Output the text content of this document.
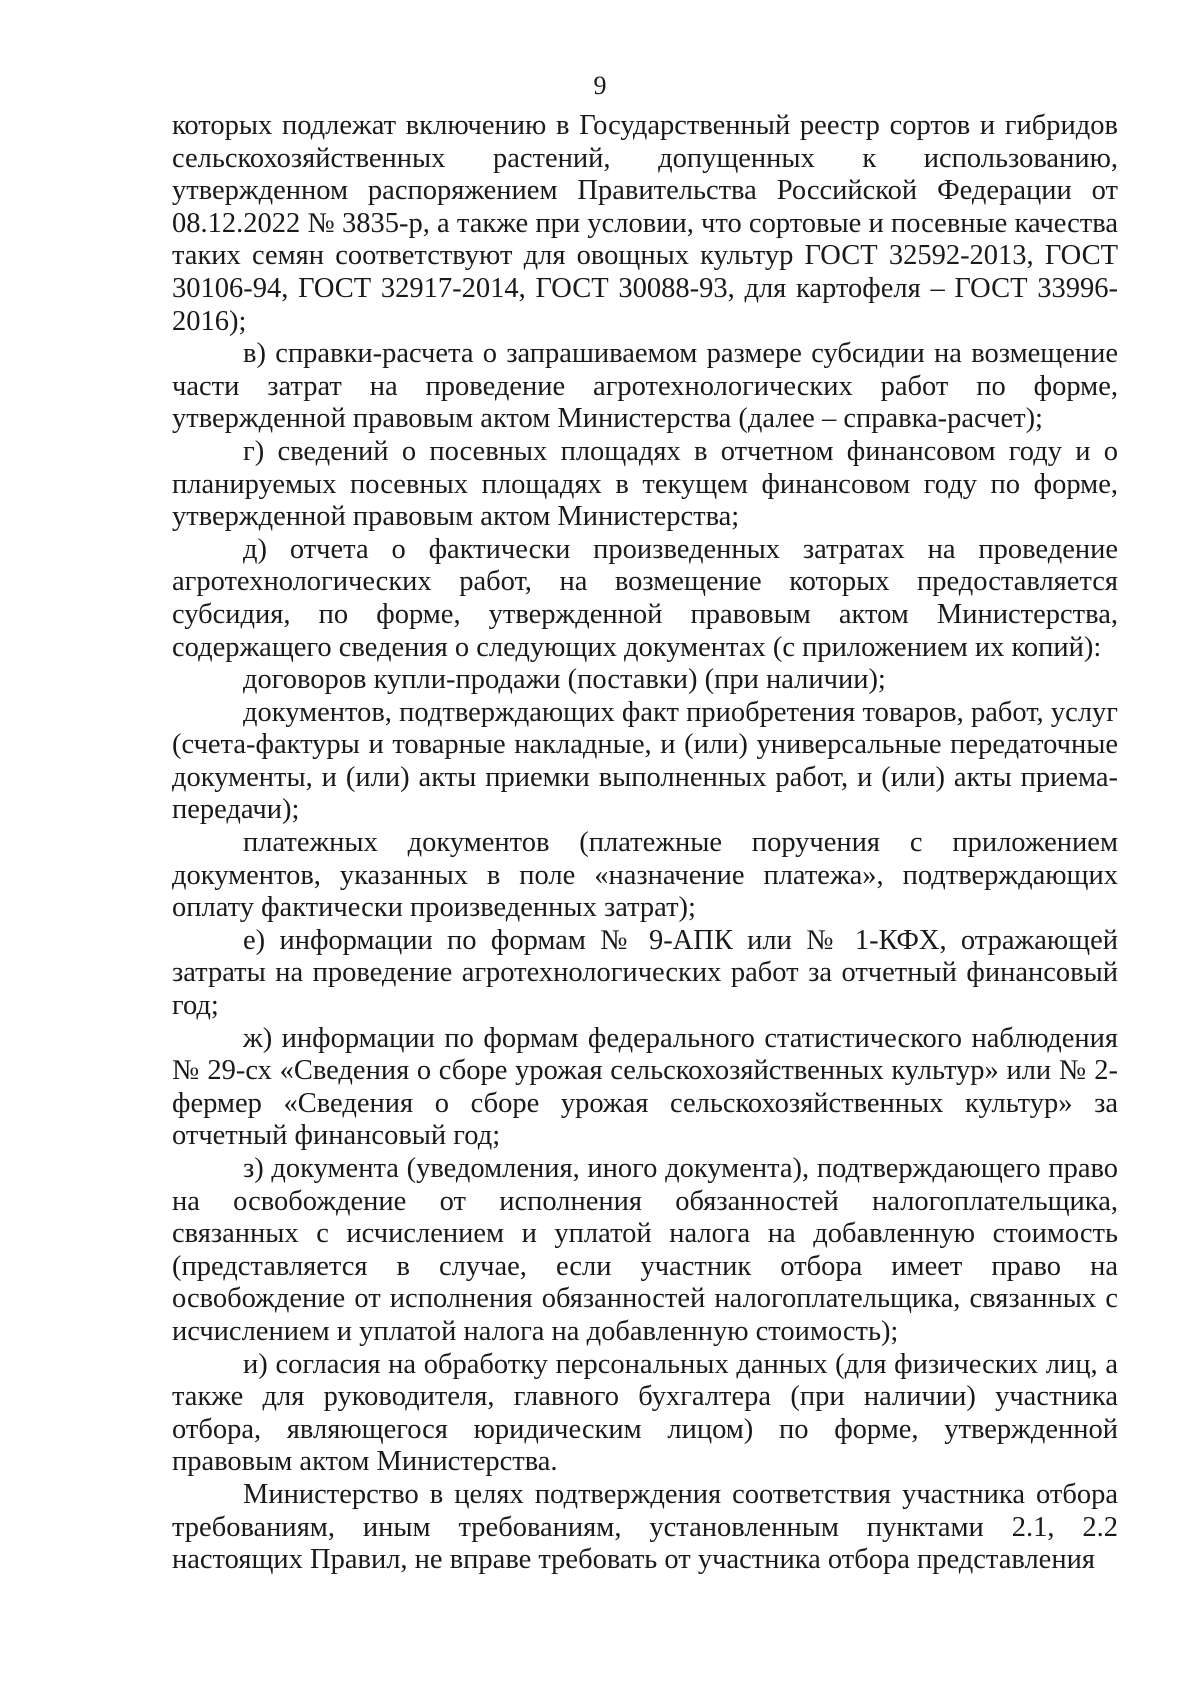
9

которых подлежат включению в Государственный реестр сортов и гибридов сельскохозяйственных растений, допущенных к использованию, утвержденном распоряжением Правительства Российской Федерации от 08.12.2022 № 3835-р, а также при условии, что сортовые и посевные качества таких семян соответствуют для овощных культур ГОСТ 32592-2013, ГОСТ 30106-94, ГОСТ 32917-2014, ГОСТ 30088-93, для картофеля – ГОСТ 33996-2016);

в) справки-расчета о запрашиваемом размере субсидии на возмещение части затрат на проведение агротехнологических работ по форме, утвержденной правовым актом Министерства (далее – справка-расчет);

г) сведений о посевных площадях в отчетном финансовом году и о планируемых посевных площадях в текущем финансовом году по форме, утвержденной правовым актом Министерства;

д) отчета о фактически произведенных затратах на проведение агротехнологических работ, на возмещение которых предоставляется субсидия, по форме, утвержденной правовым актом Министерства, содержащего сведения о следующих документах (с приложением их копий):

договоров купли-продажи (поставки) (при наличии);

документов, подтверждающих факт приобретения товаров, работ, услуг (счета-фактуры и товарные накладные, и (или) универсальные передаточные документы, и (или) акты приемки выполненных работ, и (или) акты приема-передачи);

платежных документов (платежные поручения с приложением документов, указанных в поле «назначение платежа», подтверждающих оплату фактически произведенных затрат);

е) информации по формам № 9-АПК или № 1-КФХ, отражающей затраты на проведение агротехнологических работ за отчетный финансовый год;

ж) информации по формам федерального статистического наблюдения № 29-сх «Сведения о сборе урожая сельскохозяйственных культур» или № 2-фермер «Сведения о сборе урожая сельскохозяйственных культур» за отчетный финансовый год;

з) документа (уведомления, иного документа), подтверждающего право на освобождение от исполнения обязанностей налогоплательщика, связанных с исчислением и уплатой налога на добавленную стоимость (представляется в случае, если участник отбора имеет право на освобождение от исполнения обязанностей налогоплательщика, связанных с исчислением и уплатой налога на добавленную стоимость);

и) согласия на обработку персональных данных (для физических лиц, а также для руководителя, главного бухгалтера (при наличии) участника отбора, являющегося юридическим лицом) по форме, утвержденной правовым актом Министерства.

Министерство в целях подтверждения соответствия участника отбора требованиям, иным требованиям, установленным пунктами 2.1, 2.2 настоящих Правил, не вправе требовать от участника отбора представления
